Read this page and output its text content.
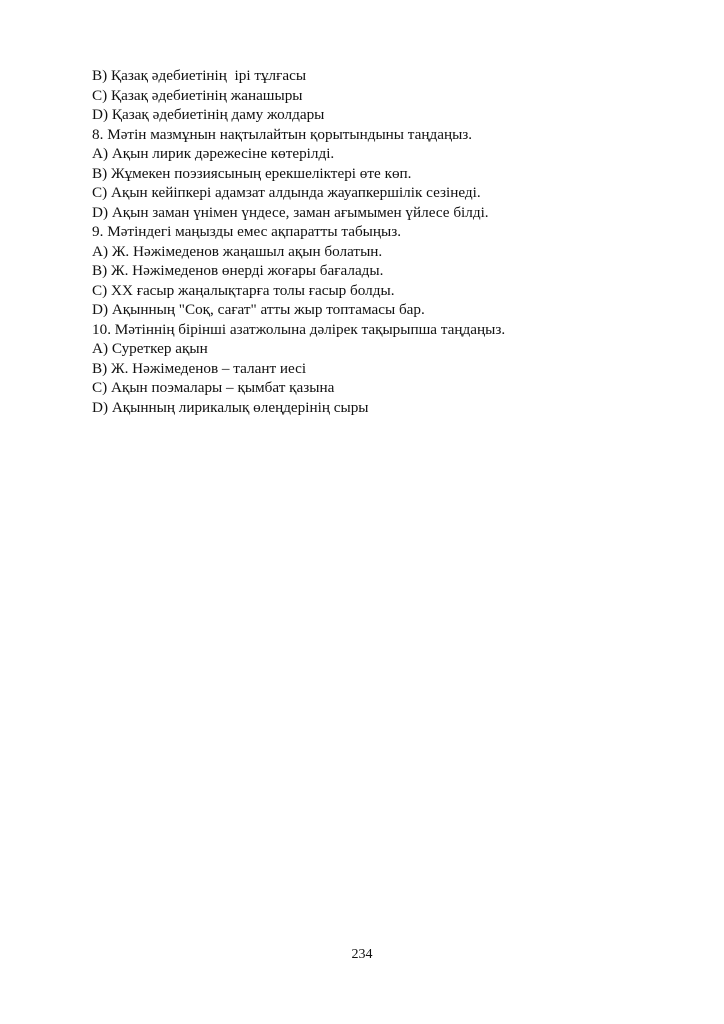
B) Қазақ әдебиетінің  ірі тұлғасы

C) Қазақ әдебиетінің жанашыры

D) Қазақ әдебиетінің даму жолдары

8. Мәтін мазмұнын нақтылайтын қорытындыны таңдаңыз.

A) Ақын лирик дәрежесіне көтерілді.

B) Жұмекен поэзиясының ерекшеліктері өте көп.

C) Ақын кейіпкері адамзат алдында жауапкершілік сезінеді.

D) Ақын заман үнімен үндесе, заман ағымымен үйлесе білді.

9. Мәтіндегі маңызды емес ақпаратты табыңыз.

A) Ж. Нәжімеденов жаңашыл ақын болатын.

B) Ж. Нәжімеденов өнерді жоғары бағалады.

C) XX ғасыр жаңалықтарға толы ғасыр болды.

D) Ақынның "Соқ, сағат" атты жыр топтамасы бар.

10. Мәтіннің бірінші азатжолына дәлірек тақырыпша таңдаңыз.

A) Суреткер ақын

B) Ж. Нәжімеденов – талант иесі

C) Ақын поэмалары – қымбат қазына

D) Ақынның лирикалық өлеңдерінің сыры

234
